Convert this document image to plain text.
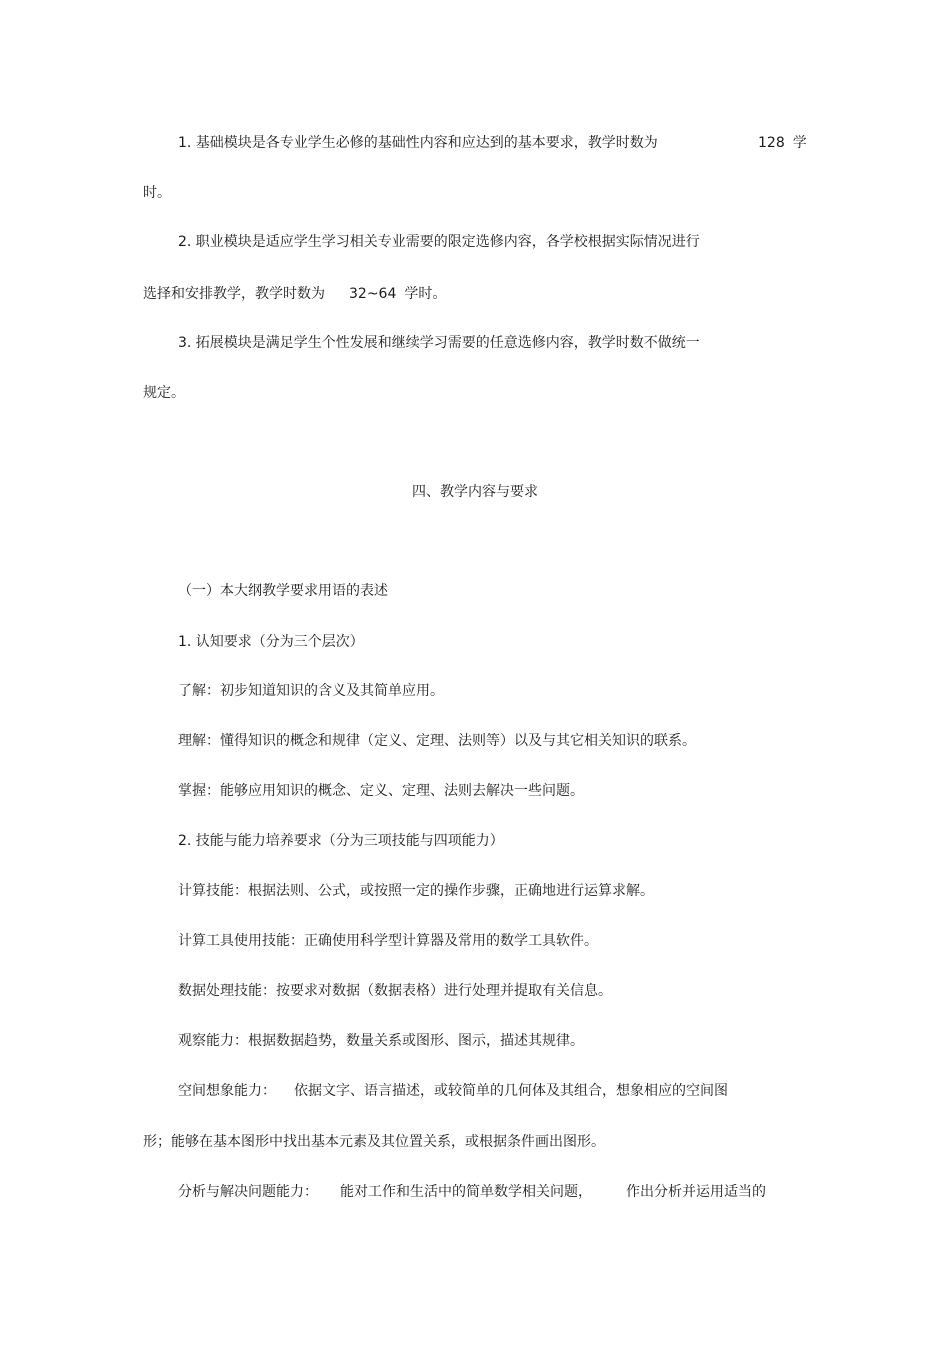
1. 基础模块是各专业学生必修的基础性内容和应达到的基本要求，教学时数为	128 学
时。
2. 职业模块是适应学生学习相关专业需要的限定选修内容，各学校根据实际情况进行
选择和安排教学，教学时数为 32~64 学时。
3. 拓展模块是满足学生个性发展和继续学习需要的任意选修内容，教学时数不做统一
规定。
四、教学内容与要求
（一）本大纲教学要求用语的表述
1. 认知要求（分为三个层次）
了解：初步知道知识的含义及其简单应用。
理解：懂得知识的概念和规律（定义、定理、法则等）以及与其它相关知识的联系。
掌握：能够应用知识的概念、定义、定理、法则去解决一些问题。
2. 技能与能力培养要求（分为三项技能与四项能力）
计算技能：根据法则、公式，或按照一定的操作步骤，正确地进行运算求解。
计算工具使用技能：正确使用科学型计算器及常用的数学工具软件。
数据处理技能：按要求对数据（数据表格）进行处理并提取有关信息。
观察能力：根据数据趋势，数量关系或图形、图示，描述其规律。
空间想象能力： 依据文字、语言描述，或较简单的几何体及其组合，想象相应的空间图
形；能够在基本图形中找出基本元素及其位置关系，或根据条件画出图形。
分析与解决问题能力： 能对工作和生活中的简单数学相关问题， 作出分析并运用适当的
